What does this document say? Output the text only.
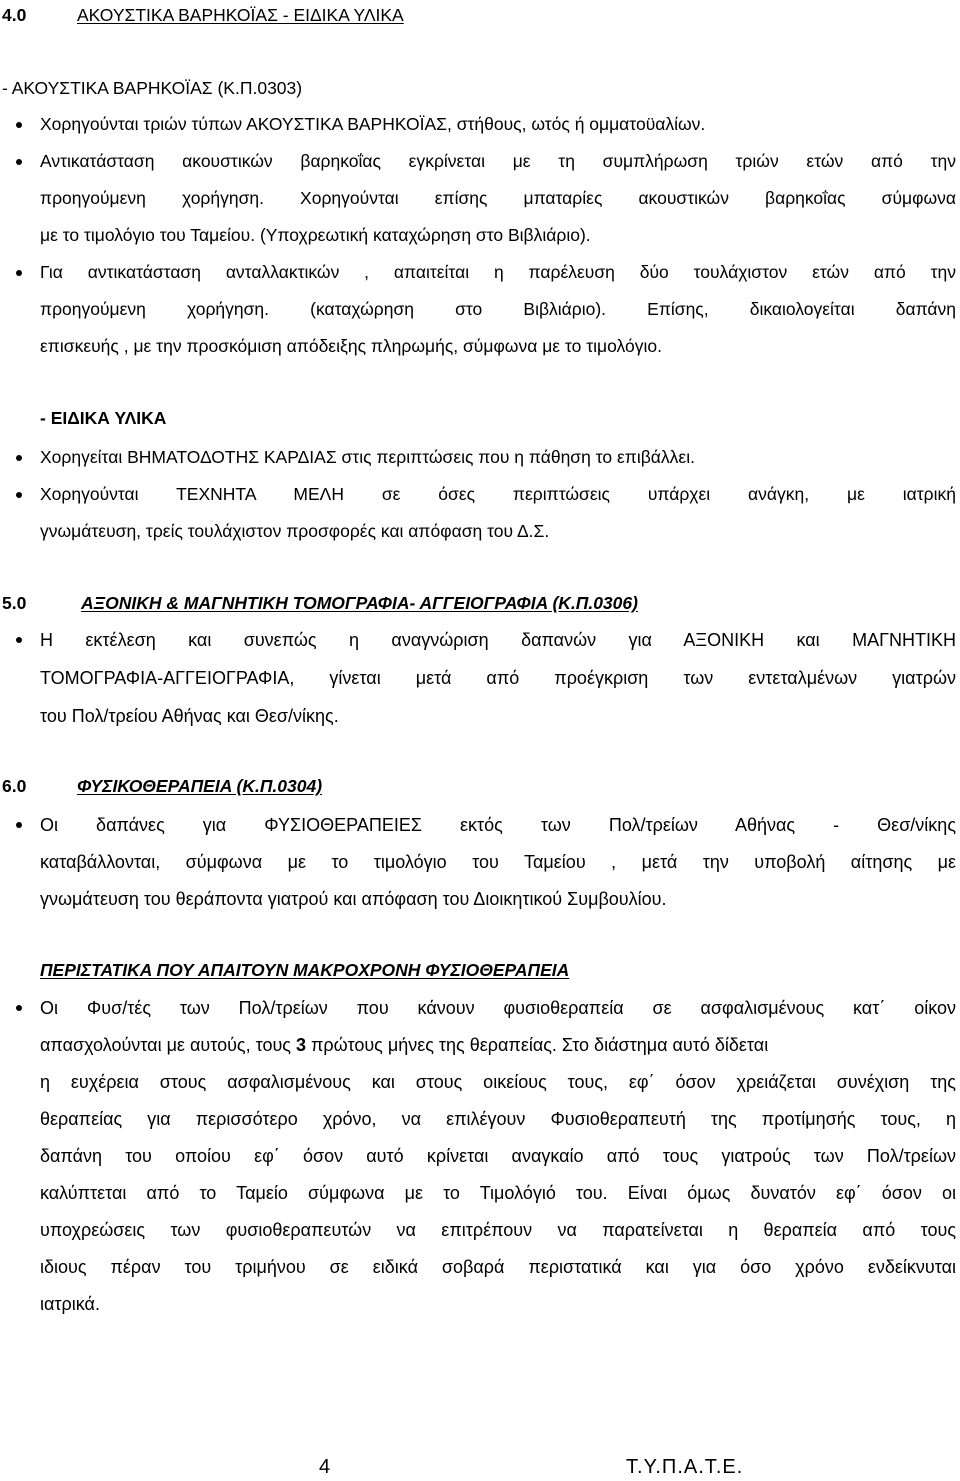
4.0	ΑΚΟΥΣΤΙΚΑ ΒΑΡΗΚΟΪΑΣ - ΕΙΔΙΚΑ ΥΛΙΚΑ
- ΑΚΟΥΣΤΙΚΑ ΒΑΡΗΚΟΪΑΣ (Κ.Π.0303)
Χορηγούνται τριών τύπων ΑΚΟΥΣΤΙΚΑ ΒΑΡΗΚΟΪΑΣ, στήθους, ωτός ή ομματοϋαλίων.
Αντικατάσταση ακουστικών βαρηκοΐας εγκρίνεται με τη συμπλήρωση τριών ετών από την
προηγούμενη χορήγηση. Χορηγούνται επίσης μπαταρίες ακουστικών βαρηκοΐας σύμφωνα
με το τιμολόγιο του Ταμείου. (Υποχρεωτική καταχώρηση στο Βιβλιάριο).
Για αντικατάσταση ανταλλακτικών , απαιτείται η παρέλευση δύο τουλάχιστον ετών από την
προηγούμενη χορήγηση. (καταχώρηση στο Βιβλιάριο). Επίσης, δικαιολογείται δαπάνη
επισκευής , με την προσκόμιση απόδειξης πληρωμής, σύμφωνα με το τιμολόγιο.
- ΕΙΔΙΚΑ ΥΛΙΚΑ
Χορηγείται ΒΗΜΑΤΟΔΟΤΗΣ ΚΑΡΔΙΑΣ στις περιπτώσεις που η πάθηση το επιβάλλει.
Χορηγούνται ΤΕΧΝΗΤΑ ΜΕΛΗ σε όσες περιπτώσεις υπάρχει ανάγκη, με ιατρική
γνωμάτευση, τρείς τουλάχιστον προσφορές και απόφαση του Δ.Σ.
5.0	ΑΞΟΝΙΚΗ & ΜΑΓΝΗΤΙΚΗ ΤΟΜΟΓΡΑΦΙΑ- ΑΓΓΕΙΟΓΡΑΦΙΑ (Κ.Π.0306)
Η εκτέλεση και συνεπώς η αναγνώριση δαπανών για ΑΞΟΝΙΚΗ και ΜΑΓΝΗΤΙΚΗ
ΤΟΜΟΓΡΑΦΙΑ-ΑΓΓΕΙΟΓΡΑΦΙΑ, γίνεται μετά από προέγκριση των εντεταλμένων γιατρών
του Πολ/τρείου Αθήνας και Θεσ/νίκης.
6.0	ΦΥΣΙΚΟΘΕΡΑΠΕΙΑ (Κ.Π.0304)
Οι δαπάνες για ΦΥΣΙΟΘΕΡΑΠΕΙΕΣ εκτός των Πολ/τρείων Αθήνας - Θεσ/νίκης
καταβάλλονται, σύμφωνα με το τιμολόγιο του Ταμείου , μετά την υποβολή αίτησης με
γνωμάτευση του θεράποντα γιατρού και απόφαση του Διοικητικού Συμβουλίου.
ΠΕΡΙΣΤΑΤΙΚΑ ΠΟΥ ΑΠΑΙΤΟΥΝ ΜΑΚΡΟΧΡΟΝΗ ΦΥΣΙΟΘΕΡΑΠΕΙΑ
Οι Φυσ/τές των Πολ/τρείων που κάνουν φυσιοθεραπεία σε ασφαλισμένους κατ΄ οίκον
απασχολούνται με αυτούς, τους 3 πρώτους μήνες της θεραπείας. Στο διάστημα αυτό δίδεται
η ευχέρεια στους ασφαλισμένους και στους οικείους τους, εφ΄ όσον χρειάζεται συνέχιση της
θεραπείας για περισσότερο χρόνο, να επιλέγουν Φυσιοθεραπευτή της προτίμησής τους, η
δαπάνη του οποίου εφ΄ όσον αυτό κρίνεται αναγκαίο από τους γιατρούς των Πολ/τρείων
καλύπτεται από το Ταμείο σύμφωνα με το Τιμολόγιό του. Είναι όμως δυνατόν εφ΄ όσον οι
υποχρεώσεις των φυσιοθεραπευτών να επιτρέπουν να παρατείνεται η θεραπεία από τους
ιδιους πέραν του τριμήνου σε ειδικά σοβαρά περιστατικά και για όσο χρόνο ενδείκνυται
ιατρικά.
4	Τ.Υ.Π.Α.Τ.Ε.
